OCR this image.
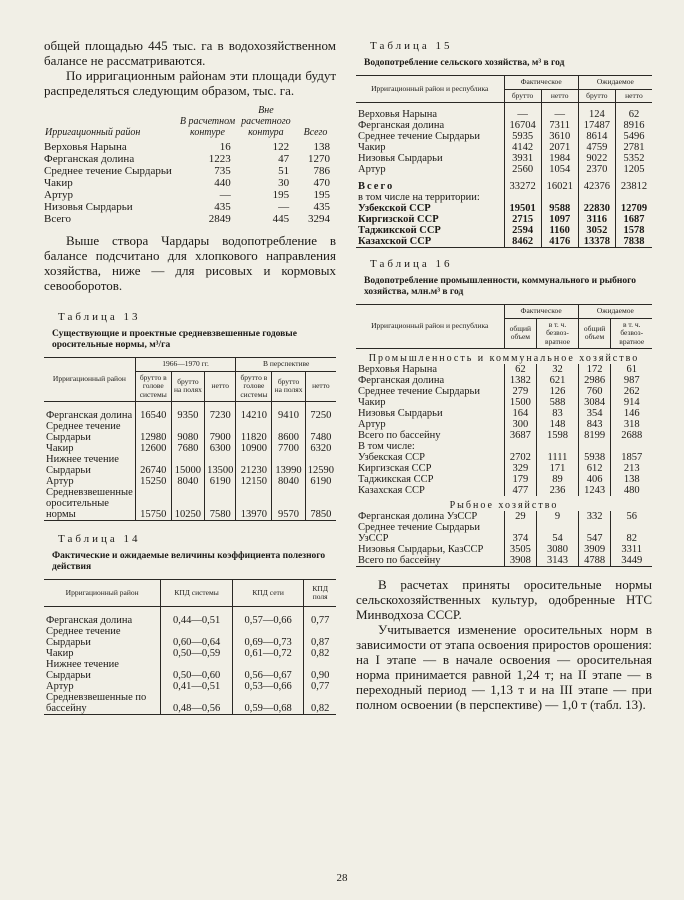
общей площадью 445 тыс. га в водохозяйственном балансе не рассматриваются.

По ирригационным районам эти площади будут распределяться следующим образом, тыс. га.

Ирригационный район	В расчетном контуре	Вне расчетного контура	Всего
Верховья Нарына	16	122	138
Ферганская долина	1223	47	1270
Среднее течение Сырдарьи	735	51	786
Чакир	440	30	470
Артур	—	195	195
Низовья Сырдарьи	435	—	435
Всего	2849	445	3294

Выше створа Чардары водопотребление в балансе подсчитано для хлопкового направления хозяйства, ниже — для рисовых и кормовых севооборотов.

Таблица 13
Существующие и проектные средневзвешенные годовые оросительные нормы, м³/га
Ирригационный район	1966—1970 гг.			В перспективе		
	брутто в голове системы	брутто на полях	нетто	брутто в голове системы	брутто на полях	нетто
Ферганская долина	16540	9350	7230	14210	9410	7250
Среднее течение Сырдарьи	12980	9080	7900	11820	8600	7480
Чакир	12600	7680	6300	10900	7700	6320
Нижнее течение Сырдарьи	26740	15000	13500	21230	13990	12590
Артур	15250	8040	6190	12150	8040	6190
Средневзвешенные оросительные нормы	15750	10250	7580	13970	9570	7850
Таблица 14
Фактические и ожидаемые величины коэффициента полезного действия
Ирригационный район	КПД системы	КПД сети	КПД поля
Ферганская долина	0,44—0,51	0,57—0,66	0,77
Среднее течение Сырдарьи	0,60—0,64	0,69—0,73	0,87
Чакир	0,50—0,59	0,61—0,72	0,82
Нижнее течение Сырдарьи	0,50—0,60	0,56—0,67	0,90
Артур	0,41—0,51	0,53—0,66	0,77
Средневзвешенные по бассейну	0,48—0,56	0,59—0,68	0,82
Таблица 15
Водопотребление сельского хозяйства, м³ в год
Ирригационный район и республика	Фактическое		Ожидаемое	
	брутто	нетто	брутто	нетто
Верховья Нарына	—	—	124	62
Ферганская долина	16704	7311	17487	8916
Среднее течение Сырдарьи	5935	3610	8614	5496
Чакир	4142	2071	4759	2781
Низовья Сырдарьи	3931	1984	9022	5352
Артур	2560	1054	2370	1205
Всего	33272	16021	42376	23812
в том числе на территории:				
Узбекской ССР	19501	9588	22830	12709
Киргизской ССР	2715	1097	3116	1687
Таджикской ССР	2594	1160	3052	1578
Казахской ССР	8462	4176	13378	7838
Таблица 16
Водопотребление промышленности, коммунального и рыбного хозяйства, млн.м³ в год
Ирригационный район и республика	Фактическое		Ожидаемое	
	общий объем	в т. ч. безвозвратное	общий объем	в т. ч. безвозвратное
Промышленность и коммунальное хозяйство				
Верховья Нарына	62	32	172	61
Ферганская долина	1382	621	2986	987
Среднее течение Сырдарьи	279	126	760	262
Чакир	1500	588	3084	914
Низовья Сырдарьи	164	83	354	146
Артур	300	148	843	318
Всего по бассейну	3687	1598	8199	2688
В том числе:				
Узбекская ССР	2702	1111	5938	1857
Киргизская ССР	329	171	612	213
Таджикская ССР	179	89	406	138
Казахская ССР	477	236	1243	480
Рыбное хозяйство				
Ферганская долина УзССР	29	9	332	56
Среднее течение Сырдарьи УзССР	374	54	547	82
Низовья Сырдарьи, КазССР	3505	3080	3909	3311
Всего по бассейну	3908	3143	4788	3449

В расчетах приняты оросительные нормы сельскохозяйственных культур, одобренные НТС Минводхоза СССР.

Учитывается изменение оросительных норм в зависимости от этапа освоения приростов орошения: на I этапе — в начале освоения — оросительная норма принимается равной 1,24 т; на II этапе — в переходный период — 1,13 т и на III этапе — при полном освоении (в перспективе) — 1,0 т (табл. 13).

28
